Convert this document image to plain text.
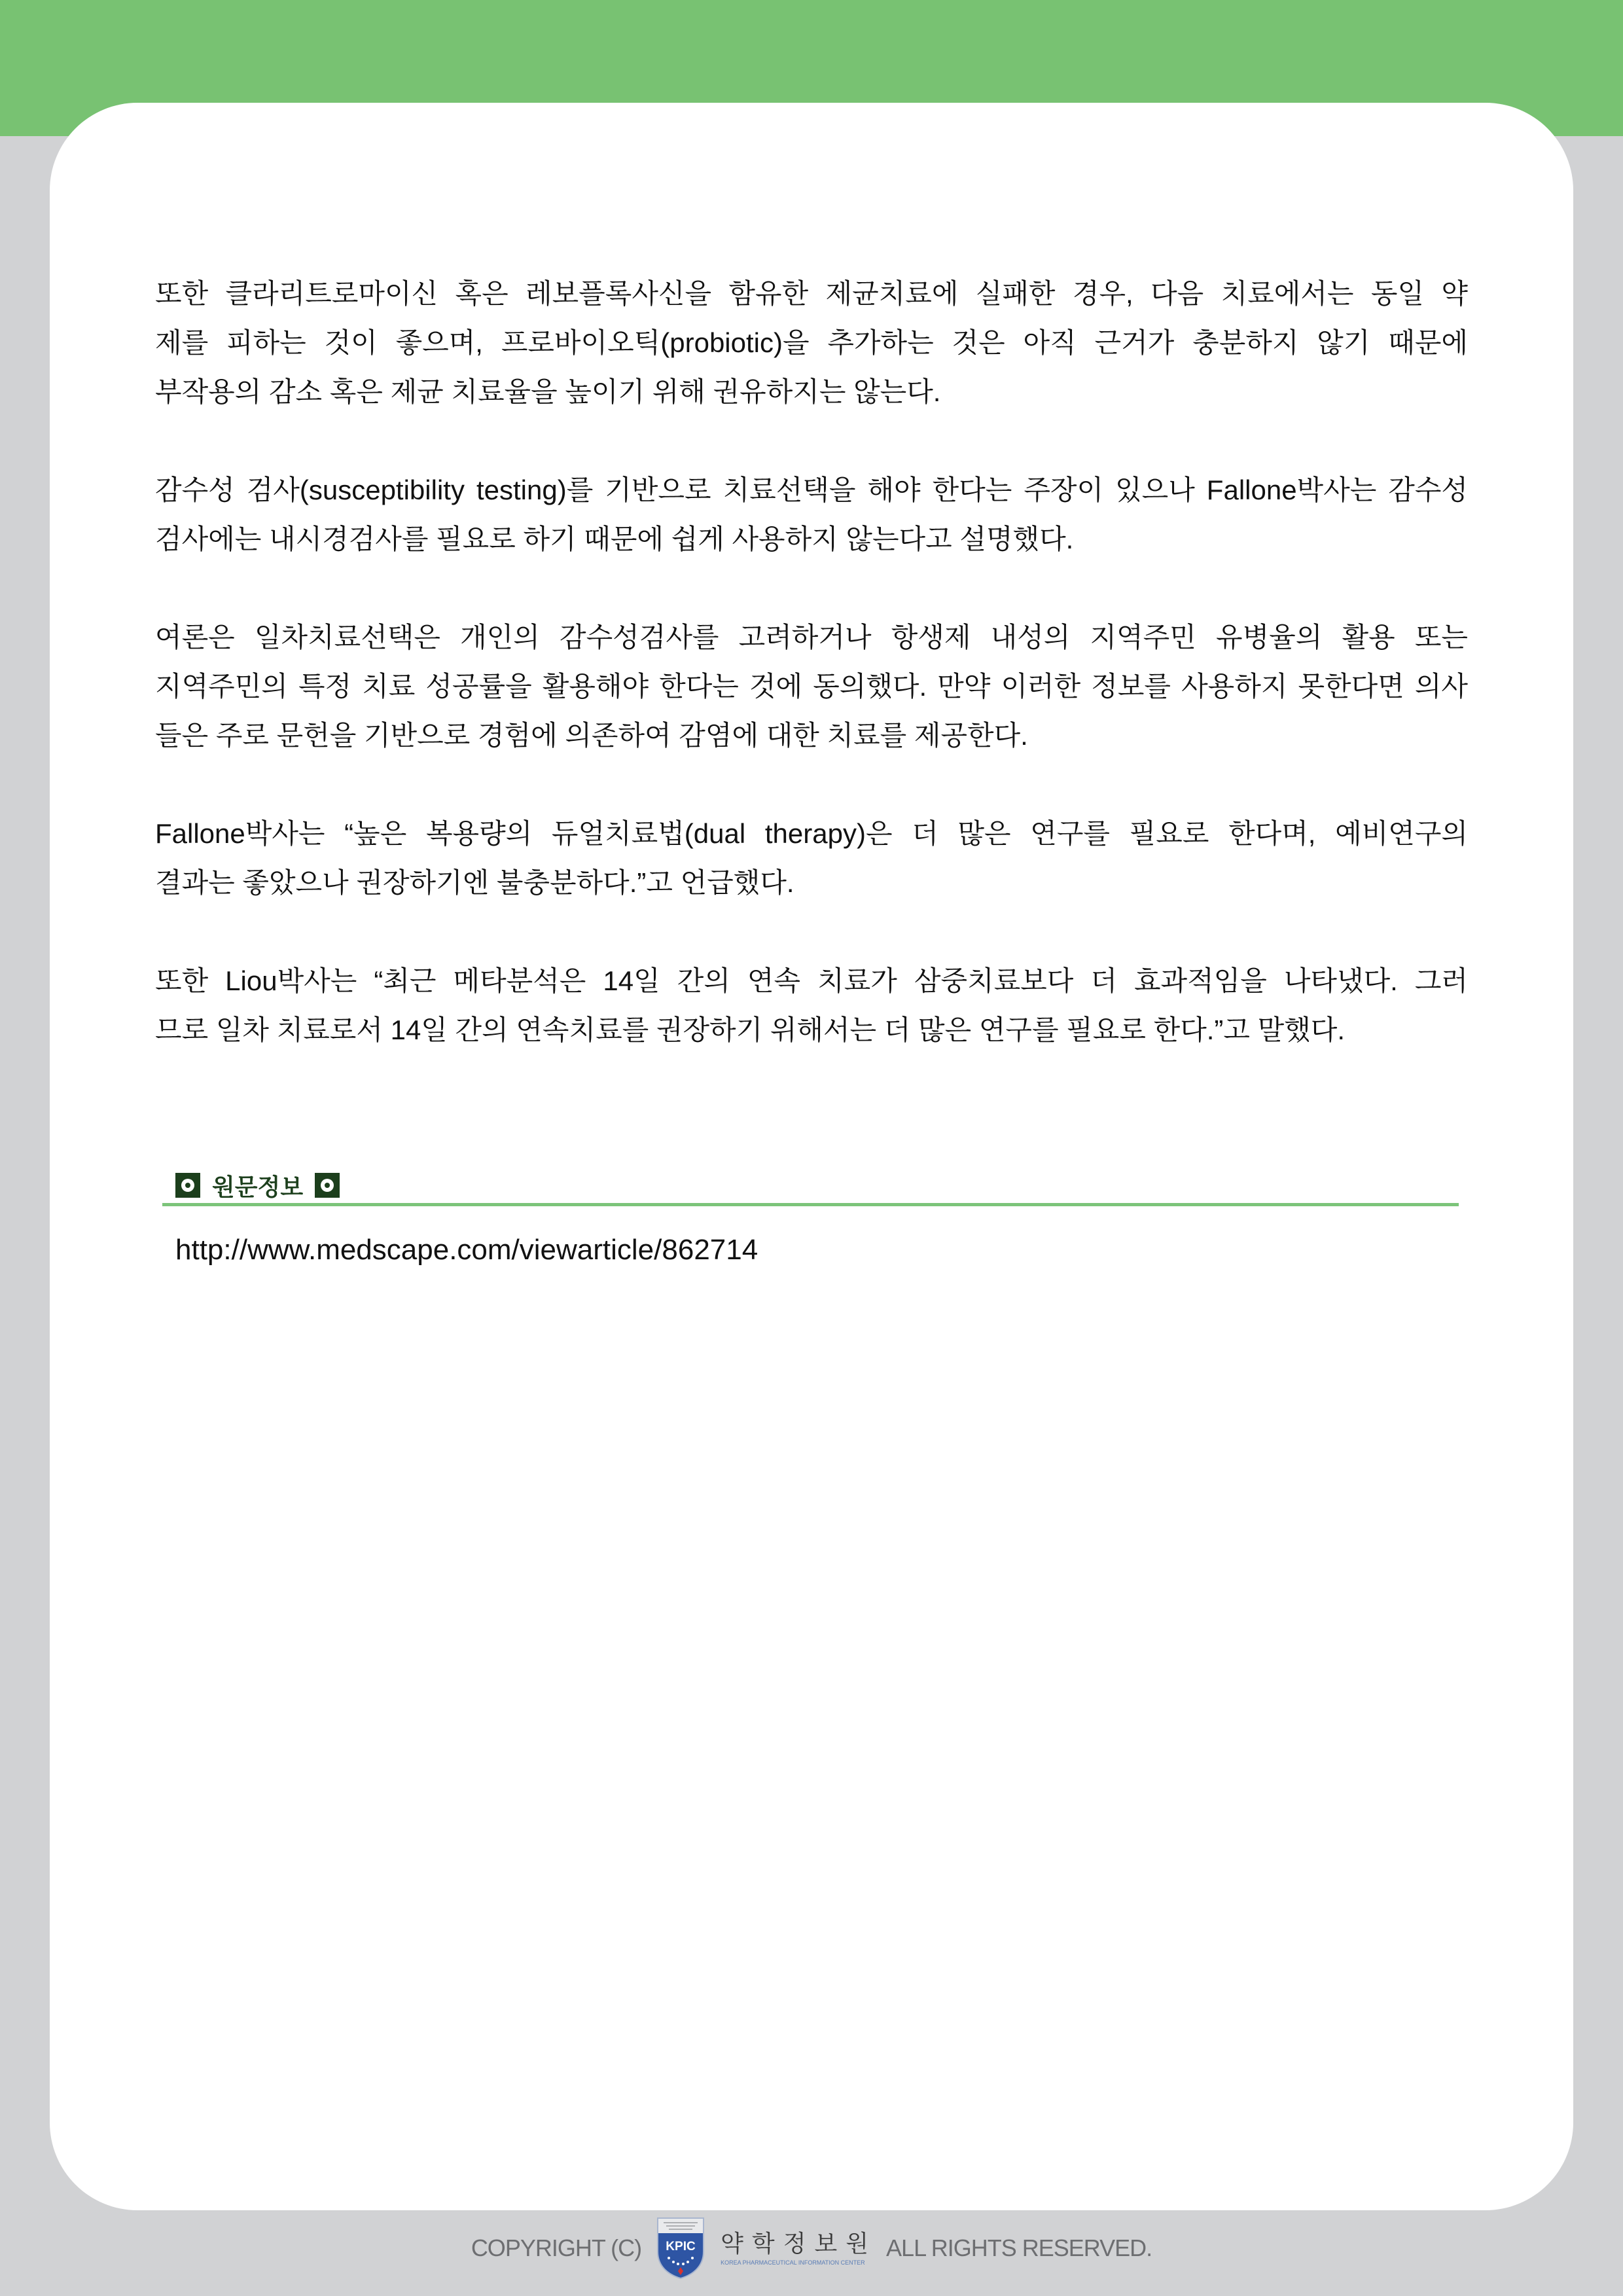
또한 클라리트로마이신 혹은 레보플록사신을 함유한 제균치료에 실패한 경우, 다음 치료에서는 동일 약
제를 피하는 것이 좋으며, 프로바이오틱(probiotic)을 추가하는 것은 아직 근거가 충분하지 않기 때문에
부작용의 감소 혹은 제균 치료율을 높이기 위해 권유하지는 않는다.
감수성 검사(susceptibility testing)를 기반으로 치료선택을 해야 한다는 주장이 있으나 Fallone박사는 감수성
검사에는 내시경검사를 필요로 하기 때문에 쉽게 사용하지 않는다고 설명했다.
여론은 일차치료선택은 개인의 감수성검사를 고려하거나 항생제 내성의 지역주민 유병율의 활용 또는
지역주민의 특정 치료 성공률을 활용해야 한다는 것에 동의했다. 만약 이러한 정보를 사용하지 못한다면 의사
들은 주로 문헌을 기반으로 경험에 의존하여 감염에 대한 치료를 제공한다.
Fallone박사는 “높은 복용량의 듀얼치료법(dual therapy)은 더 많은 연구를 필요로 한다며, 예비연구의
결과는 좋았으나 권장하기엔 불충분하다.”고 언급했다.
또한 Liou박사는 “최근 메타분석은 14일 간의 연속 치료가 삼중치료보다 더 효과적임을 나타냈다. 그러
므로 일차 치료로서 14일 간의 연속치료를 권장하기 위해서는 더 많은 연구를 필요로 한다.”고 말했다.
원문정보
http://www.medscape.com/viewarticle/862714
COPYRIGHT (C) KPIC 약학정보원
KOREA PHARMACEUTICAL INFORMATION CENTER
ALL RIGHTS RESERVED.
